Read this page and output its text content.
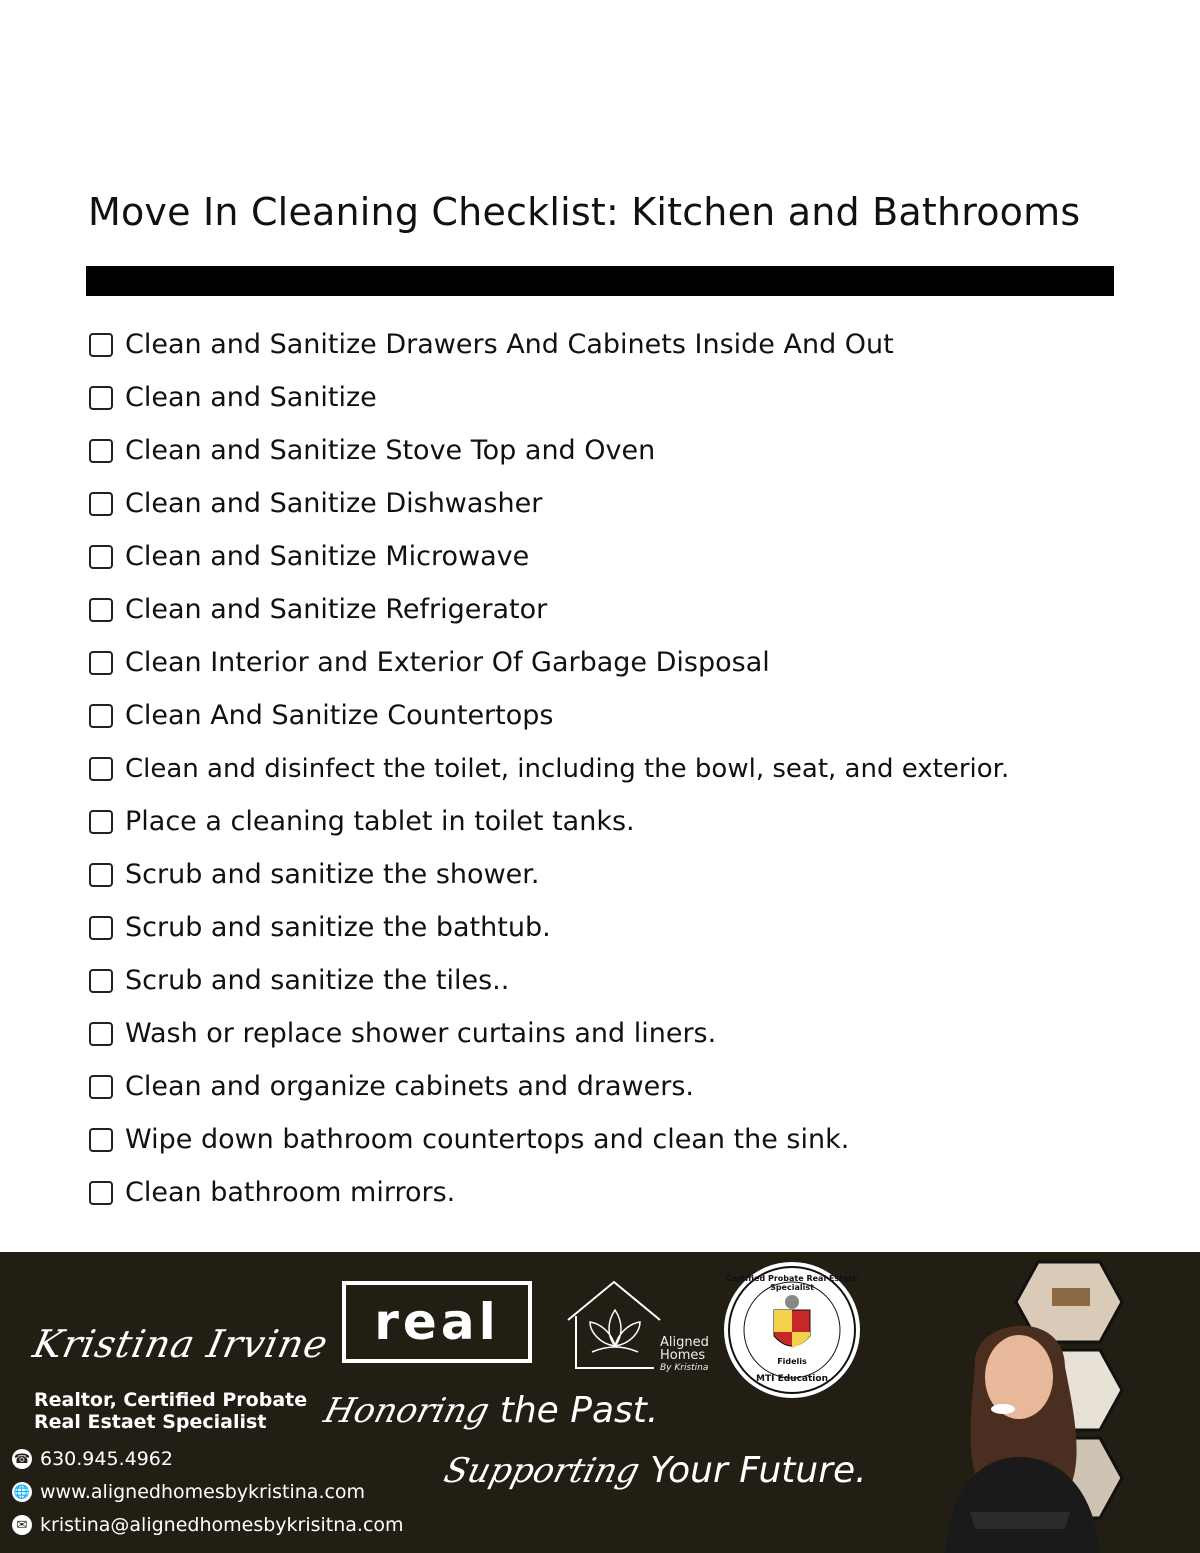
Move In Cleaning Checklist: Kitchen and Bathrooms
Clean and Sanitize Drawers And Cabinets Inside And Out
Clean and Sanitize
Clean and Sanitize Stove Top and Oven
Clean and Sanitize Dishwasher
Clean and Sanitize Microwave
Clean and Sanitize Refrigerator
Clean Interior and Exterior Of Garbage Disposal
Clean And Sanitize Countertops
Clean and disinfect the toilet, including the bowl, seat, and exterior.
Place a cleaning tablet in toilet tanks.
Scrub and sanitize the shower.
Scrub and sanitize the bathtub.
Scrub and sanitize the tiles..
Wash or replace shower curtains and liners.
Clean and organize cabinets and drawers.
Wipe down bathroom countertops and clean the sink.
Clean bathroom mirrors.
Kristina Irvine
Realtor, Certified Probate
Real Estaet Specialist
☎ 630.945.4962
🌐 www.alignedhomesbykristina.com
✉ kristina@alignedhomesbykrisitna.com
real	Aligned
Homes
By Kristina
Certified Probate Real Estate Specialist
Fidelis
MTI Education
Honoring the Past.
Supporting Your Future.
